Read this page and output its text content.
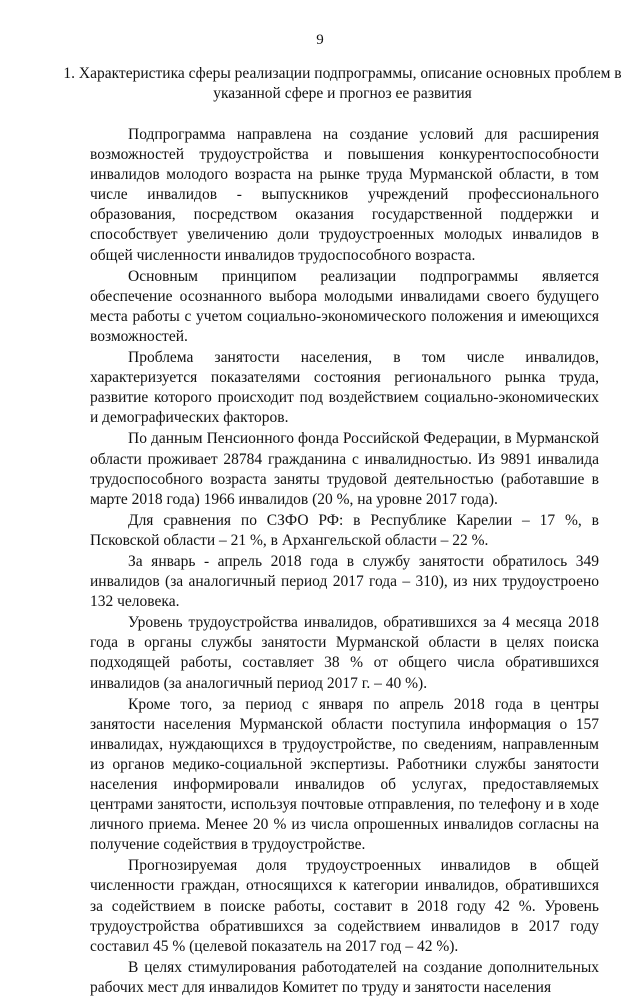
9
1. Характеристика сферы реализации подпрограммы, описание основных проблем в указанной сфере и прогноз ее развития

Подпрограмма направлена на создание условий для расширения возможностей трудоустройства и повышения конкурентоспособности инвалидов молодого возраста на рынке труда Мурманской области, в том числе инвалидов - выпускников учреждений профессионального образования, посредством оказания государственной поддержки и способствует увеличению доли трудоустроенных молодых инвалидов в общей численности инвалидов трудоспособного возраста.

Основным принципом реализации подпрограммы является обеспечение осознанного выбора молодыми инвалидами своего будущего места работы с учетом социально-экономического положения и имеющихся возможностей.

Проблема занятости населения, в том числе инвалидов, характеризуется показателями состояния регионального рынка труда, развитие которого происходит под воздействием социально-экономических и демографических факторов.

По данным Пенсионного фонда Российской Федерации, в Мурманской области проживает 28784 гражданина с инвалидностью. Из 9891 инвалида трудоспособного возраста заняты трудовой деятельностью (работавшие в марте 2018 года) 1966 инвалидов (20 %, на уровне 2017 года).

Для сравнения по СЗФО РФ: в Республике Карелии – 17 %, в Псковской области – 21 %, в Архангельской области – 22 %.

За январь - апрель 2018 года в службу занятости обратилось 349 инвалидов (за аналогичный период 2017 года – 310), из них трудоустроено 132 человека.

Уровень трудоустройства инвалидов, обратившихся за 4 месяца 2018 года в органы службы занятости Мурманской области в целях поиска подходящей работы, составляет 38 % от общего числа обратившихся инвалидов (за аналогичный период 2017 г. – 40 %).

Кроме того, за период с января по апрель 2018 года в центры занятости населения Мурманской области поступила информация о 157 инвалидах, нуждающихся в трудоустройстве, по сведениям, направленным из органов медико-социальной экспертизы. Работники службы занятости населения информировали инвалидов об услугах, предоставляемых центрами занятости, используя почтовые отправления, по телефону и в ходе личного приема. Менее 20 % из числа опрошенных инвалидов согласны на получение содействия в трудоустройстве.

Прогнозируемая доля трудоустроенных инвалидов в общей численности граждан, относящихся к категории инвалидов, обратившихся за содействием в поиске работы, составит в 2018 году 42 %. Уровень трудоустройства обратившихся за содействием инвалидов в 2017 году составил 45 % (целевой показатель на 2017 год – 42 %).

В целях стимулирования работодателей на создание дополнительных рабочих мест для инвалидов Комитет по труду и занятости населения
